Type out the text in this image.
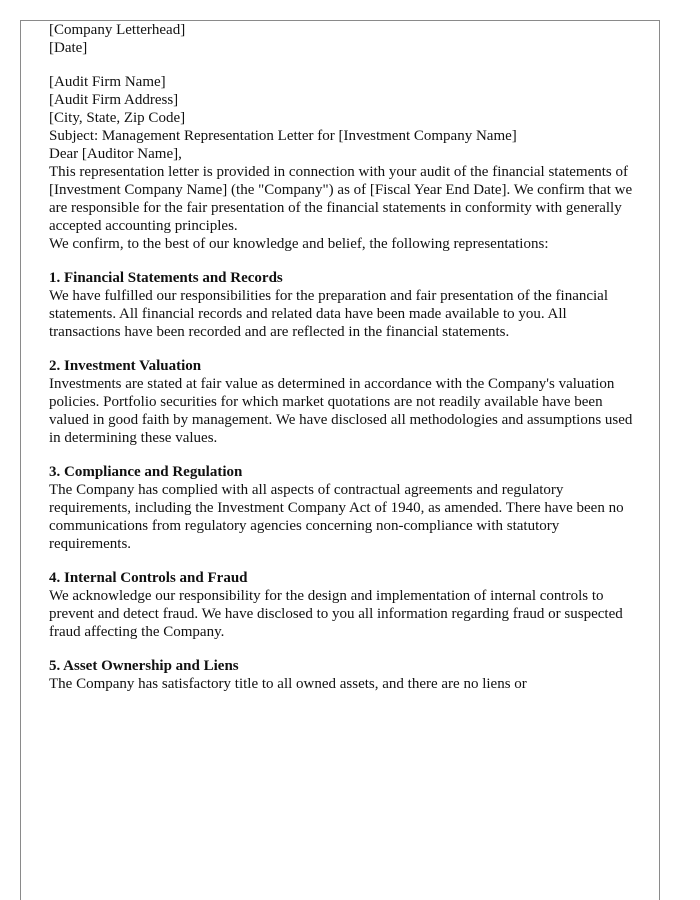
[Company Letterhead]

[Date]

[Audit Firm Name]

[Audit Firm Address]

[City, State, Zip Code]

Subject: Management Representation Letter for [Investment Company Name]

Dear [Auditor Name],

This representation letter is provided in connection with your audit of the financial statements of [Investment Company Name] (the "Company") as of [Fiscal Year End Date]. We confirm that we are responsible for the fair presentation of the financial statements in conformity with generally accepted accounting principles.

We confirm, to the best of our knowledge and belief, the following representations:

1. Financial Statements and Records

We have fulfilled our responsibilities for the preparation and fair presentation of the financial statements. All financial records and related data have been made available to you. All transactions have been recorded and are reflected in the financial statements.

2. Investment Valuation

Investments are stated at fair value as determined in accordance with the Company's valuation policies. Portfolio securities for which market quotations are not readily available have been valued in good faith by management. We have disclosed all methodologies and assumptions used in determining these values.

3. Compliance and Regulation

The Company has complied with all aspects of contractual agreements and regulatory requirements, including the Investment Company Act of 1940, as amended. There have been no communications from regulatory agencies concerning non-compliance with statutory requirements.

4. Internal Controls and Fraud

We acknowledge our responsibility for the design and implementation of internal controls to prevent and detect fraud. We have disclosed to you all information regarding fraud or suspected fraud affecting the Company.

5. Asset Ownership and Liens

The Company has satisfactory title to all owned assets, and there are no liens or
